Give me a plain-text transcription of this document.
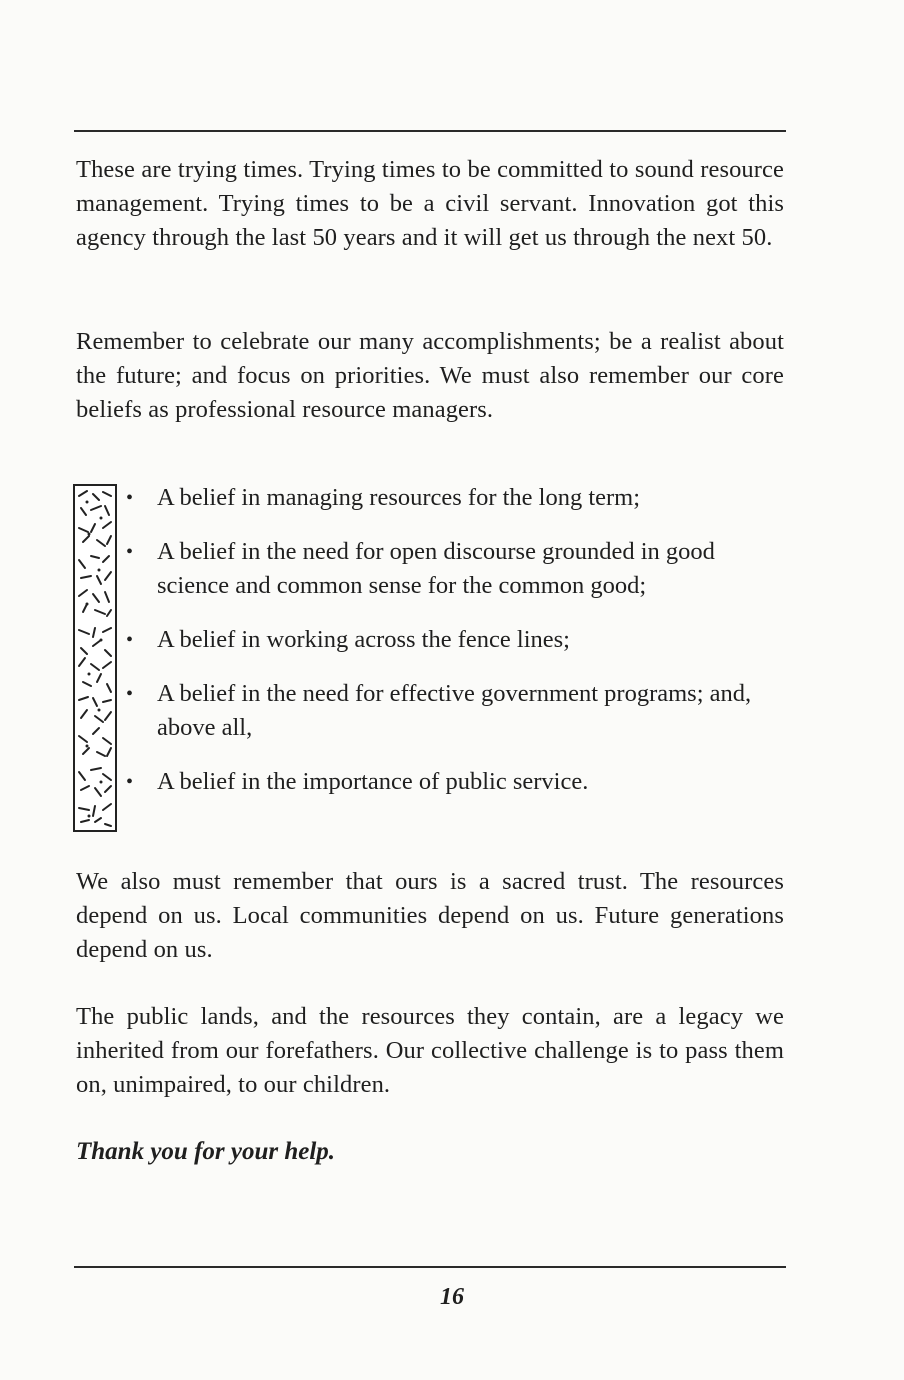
These are trying times. Trying times to be committed to sound resource management. Trying times to be a civil servant. Innovation got this agency through the last 50 years and it will get us through the next 50.

Remember to celebrate our many accomplishments; be a realist about the future; and focus on priorities. We must also remember our core beliefs as professional resource managers.

• A belief in managing resources for the long term;
• A belief in the need for open discourse grounded in good science and common sense for the common good;
• A belief in working across the fence lines;
• A belief in the need for effective government programs; and, above all,
• A belief in the importance of public service.

We also must remember that ours is a sacred trust. The resources depend on us. Local communities depend on us. Future generations depend on us.

The public lands, and the resources they contain, are a legacy we inherited from our forefathers. Our collective challenge is to pass them on, unimpaired, to our children.

Thank you for your help.
16
